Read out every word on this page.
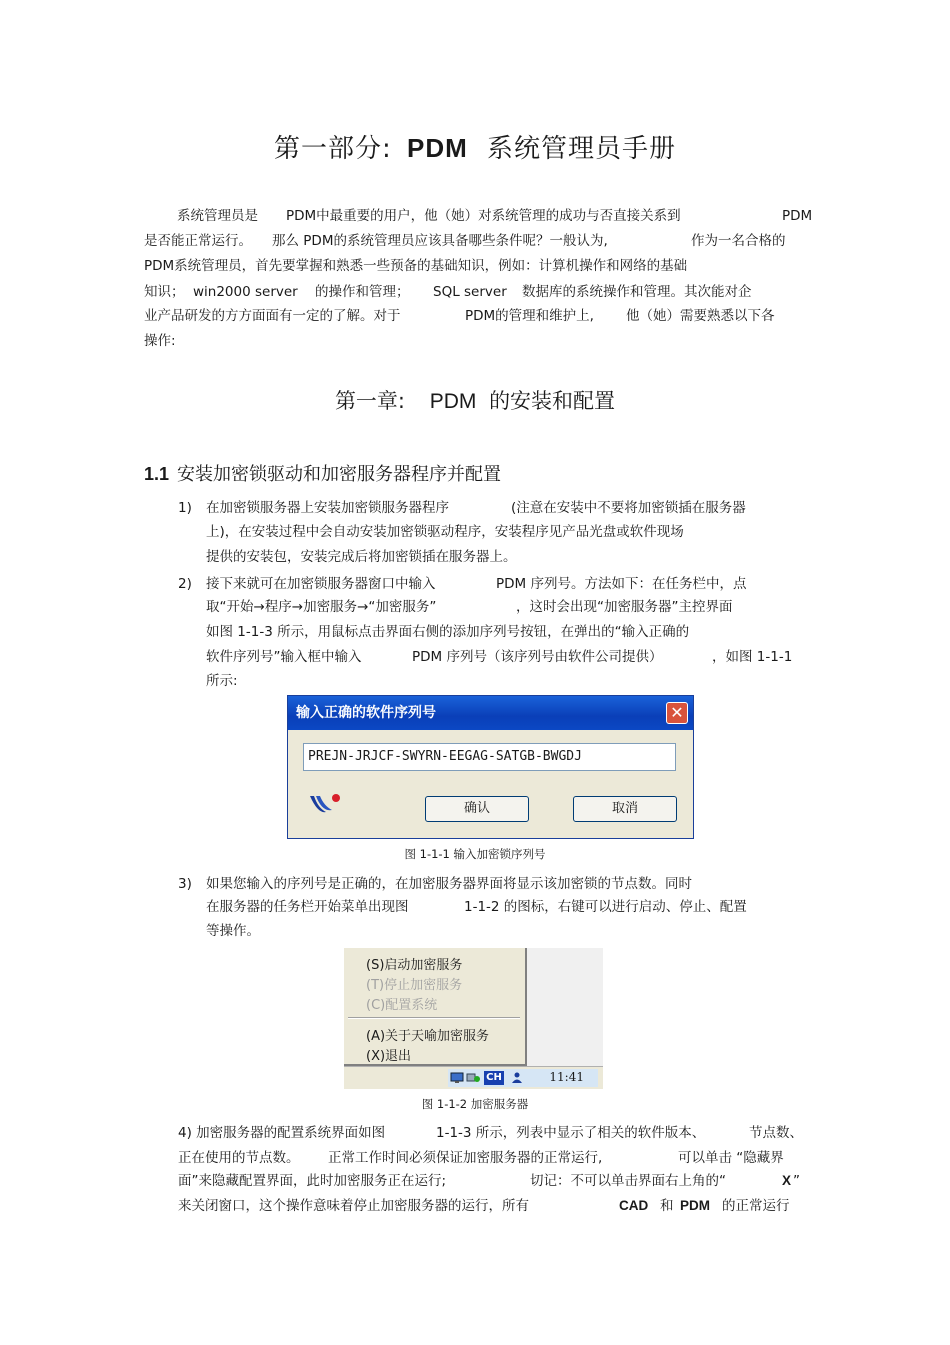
第一部分: PDM 系统管理员手册
系统管理员是 PDM中最重要的用户，他（她）对系统管理的成功与否直接关系到	PDM
是否能正常运行。 那么 PDM的系统管理员应该具备哪些条件呢？一般认为,	作为一名合格的
PDM系统管理员，首先要掌握和熟悉一些预备的基础知识，例如：计算机操作和网络的基础
知识； win2000 server 的操作和管理； SQL server 数据库的系统操作和管理。其次能对企
业产品研发的方方面面有一定的了解。对于	PDM的管理和维护上, 他（她）需要熟悉以下各
操作:
第一章: PDM 的安装和配置
1.1 安装加密锁驱动和加密服务器程序并配置
1) 在加密锁服务器上安装加密锁服务器程序	(注意在安装中不要将加密锁插在服务器
上)，在安装过程中会自动安装加密锁驱动程序，安装程序见产品光盘或软件现场
提供的安装包，安装完成后将加密锁插在服务器上。
2) 接下来就可在加密锁服务器窗口中输入	PDM 序列号。方法如下：在任务栏中，点
取“开始→程序→加密服务→“加密服务”	，这时会出现“加密服务器”主控界面
如图 1-1-3 所示，用鼠标点击界面右侧的添加序列号按钮，在弹出的“输入正确的
软件序列号”输入框中输入	PDM 序列号（该序列号由软件公司提供）	，如图 1-1-1
所示:
输入正确的软件序列号	✕
PREJN-JRJCF-SWYRN-EEGAG-SATGB-BWGDJ
确认	取消
图 1-1-1 输入加密锁序列号
3) 如果您输入的序列号是正确的，在加密服务器界面将显示该加密锁的节点数。同时
在服务器的任务栏开始菜单出现图	1-1-2 的图标，右键可以进行启动、停止、配置
等操作。
(S)启动加密服务
(T)停止加密服务
(C)配置系统
(A)关于天喻加密服务
(X)退出
CH	11:41
图 1-1-2 加密服务器
4) 加密服务器的配置系统界面如图	1-1-3 所示，列表中显示了相关的软件版本、	节点数、
正在使用的节点数。 正常工作时间必须保证加密服务器的正常运行,	可以单击 “隐藏界
面”来隐藏配置界面，此时加密服务正在运行;	切记：不可以单击界面右上角的“	X ”
来关闭窗口，这个操作意味着停止加密服务器的运行，所有	CAD 和 PDM 的正常运行
